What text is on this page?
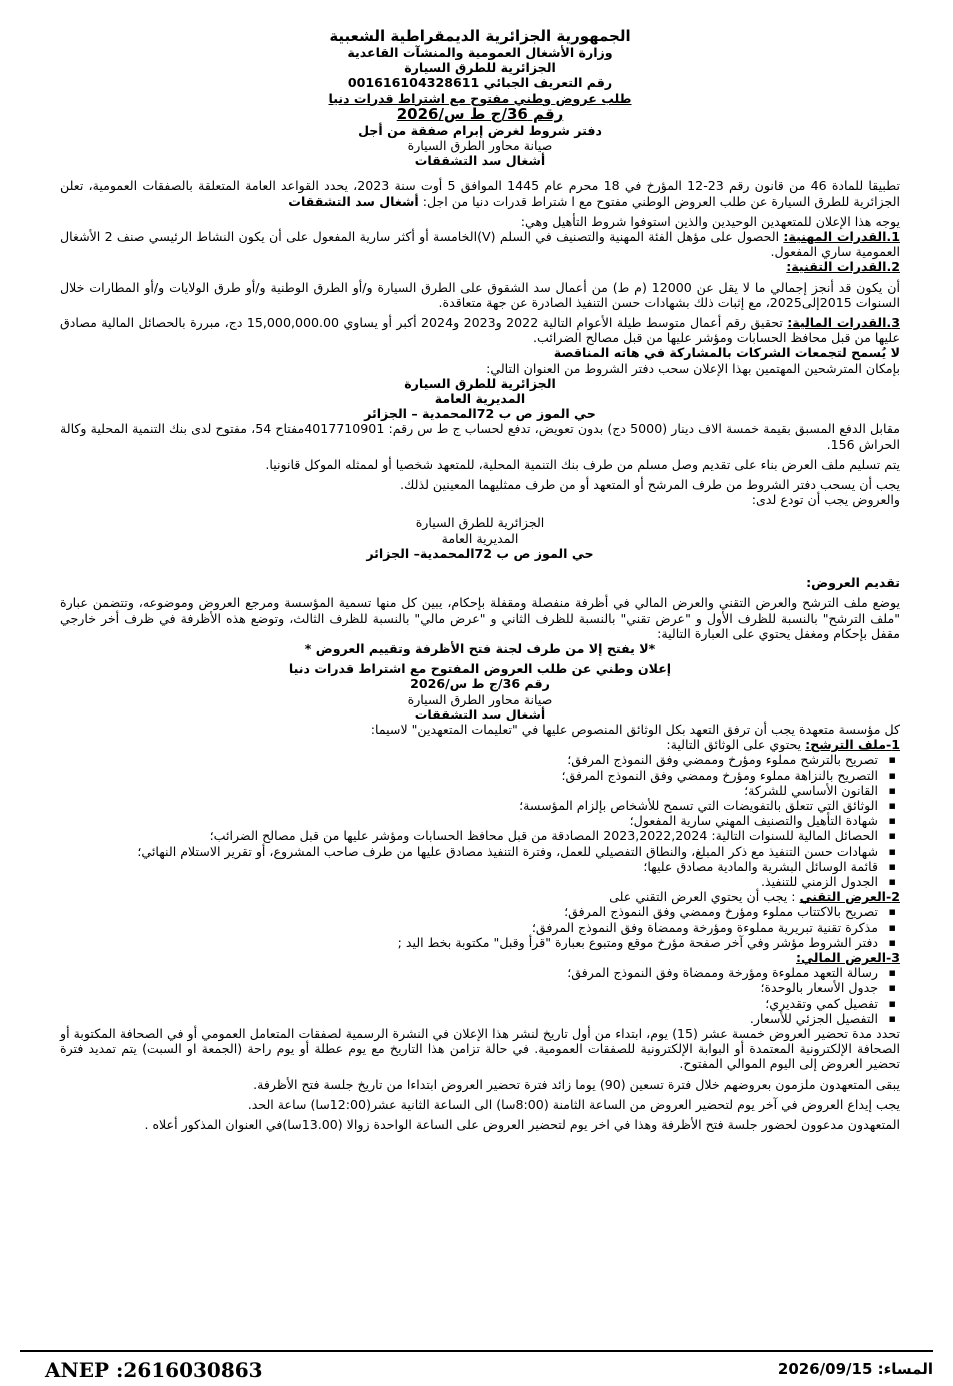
الجمهورية الجزائرية الديمقراطية الشعبية
وزارة الأشغال العمومية والمنشآت القاعدية
الجزائرية للطرق السيارة
رقم التعريف الجبائي 001616104328611
طلب عروض وطني مفتوح مع اشتراط قدرات دنيا
رقم 36/ج ط س/2026
دفتر شروط لغرض إبرام صفقة من أجل
صيانة محاور الطرق السيارة
أشغال سد التشققات

تطبيقا للمادة 46 من قانون رقم 23-12 المؤرخ في 18 محرم عام 1445 الموافق 5 أوت سنة 2023، يحدد القواعد العامة المتعلقة بالصفقات العمومية، تعلن الجزائرية للطرق السيارة عن طلب العروض الوطني مفتوح مع ا شتراط قدرات دنيا من اجل: أشغال سد التشققات

يوجه هذا الإعلان للمتعهدين الوحيدين والذين استوفوا شروط التأهيل وهي:

1.القدرات المهنية: الحصول على مؤهل الفئة المهنية والتصنيف في السلم (V)الخامسة أو أكثر سارية المفعول على أن يكون النشاط الرئيسي صنف 2 الأشغال العمومية ساري المفعول.

2.القدرات التقنية:

أن يكون قد أنجز إجمالي ما لا يقل عن 12000 (م ط) من أعمال سد الشقوق على الطرق السيارة و/أو الطرق الوطنية و/أو طرق الولايات و/أو المطارات خلال السنوات 2015إلى2025، مع إثبات ذلك بشهادات حسن التنفيذ الصادرة عن جهة متعاقدة.

3.القدرات المالية: تحقيق رقم أعمال متوسط طيلة الأعوام التالية 2022 و2023 و2024 أكبر أو يساوي 15,000,000.00 دج، مبررة بالحصائل المالية مصادق عليها من قبل محافظ الحسابات ومؤشر عليها من قبل مصالح الضرائب.

لا يُسمح لتجمعات الشركات بالمشاركة في هاته المناقصة

بإمكان المترشحين المهتمين بهذا الإعلان سحب دفتر الشروط من العنوان التالي:

الجزائرية للطرق السيارة
المديرية العامة
حي الموز ص ب 72المحمدية – الجزائر

مقابل الدفع المسبق بقيمة خمسة الاف دينار (5000 دج) بدون تعويض، تدفع لحساب ج ط س رقم: 4017710901مفتاح 54، مفتوح لدى بنك التنمية المحلية وكالة الحراش 156.

يتم تسليم ملف العرض بناء على تقديم وصل مسلم من طرف بنك التنمية المحلية، للمتعهد شخصيا أو لممثله الموكل قانونيا.

يجب أن يسحب دفتر الشروط من طرف المرشح أو المتعهد أو من طرف ممثليهما المعينين لذلك.

والعروض يجب أن تودع لدى:

الجزائرية للطرق السيارة
المديرية العامة
حي الموز ص ب 72المحمدية– الجزائر

تقديم العروض:

يوضع ملف الترشح والعرض التقني والعرض المالي في أظرفة منفصلة ومقفلة بإحكام، يبين كل منها تسمية المؤسسة ومرجع العروض وموضوعه، وتتضمن عبارة "ملف الترشح" بالنسبة للظرف الأول و "عرض تقني" بالنسبة للظرف الثاني و "عرض مالي" بالنسبة للظرف الثالث، وتوضع هذه الأظرفة في ظرف أخر خارجي مقفل بإحكام ومغفل يحتوي على العبارة التالية:

*لا يفتح إلا من طرف لجنة فتح الأظرفة وتقييم العروض *
إعلان وطني عن طلب العروض المفتوح مع اشتراط قدرات دنيا
رقم 36/ج ط س/2026
صيانة محاور الطرق السيارة
أشغال سد التشققات

كل مؤسسة متعهدة يجب أن ترفق التعهد بكل الوثائق المنصوص عليها في "تعليمات المتعهدين" لاسيما:

1-ملف الترشح: يحتوي على الوثائق التالية:

▪ تصريح بالترشح مملوء ومؤرخ وممضي وفق النموذج المرفق؛
▪ التصريح بالنزاهة مملوء ومؤرخ وممضي وفق النموذج المرفق؛
▪ القانون الأساسي للشركة؛
▪ الوثائق التي تتعلق بالتفويضات التي تسمح للأشخاص بإلزام المؤسسة؛
▪ شهادة التأهيل والتصنيف المهني سارية المفعول؛
▪ الحصائل المالية للسنوات التالية: 2023,2022,2024 المصادقة من قبل محافظ الحسابات ومؤشر عليها من قبل مصالح الضرائب؛
▪ شهادات حسن التنفيذ مع ذكر المبلغ، والنطاق التفصيلي للعمل، وفترة التنفيذ مصادق عليها من طرف صاحب المشروع، أو تقرير الاستلام النهائي؛
▪ قائمة الوسائل البشرية والمادية مصادق عليها؛
▪ الجدول الزمني للتنفيذ.

2-العرض التقني : يجب أن يحتوي العرض التقني على

▪ تصريح بالاكتتاب مملوء ومؤرخ وممضي وفق النموذج المرفق؛
▪ مذكرة تقنية تبريرية مملوءة ومؤرخة وممضاة وفق النموذج المرفق؛
▪ دفتر الشروط مؤشر وفي آخر صفحة مؤرخ موقع ومتبوع بعبارة "قرأ وقبل" مكتوبة بخط اليد ;

3-العرض المالي:

▪ رسالة التعهد مملوءة ومؤرخة وممضاة وفق النموذج المرفق؛
▪ جدول الأسعار بالوحدة؛
▪ تفصيل كمي وتقديري؛
▪ التفصيل الجزئي للأسعار.

تحدد مدة تحضير العروض خمسة عشر (15) يوم، ابتداء من أول تاريخ لنشر هذا الإعلان في النشرة الرسمية لصفقات المتعامل العمومي أو في الصحافة المكتوبة أو الصحافة الإلكترونية المعتمدة أو البوابة الإلكترونية للصفقات العمومية. في حالة تزامن هذا التاريخ مع يوم عطلة أو يوم راحة (الجمعة او السبت) يتم تمديد فترة تحضير العروض إلى اليوم الموالي المفتوح.

يبقى المتعهدون ملزمون بعروضهم خلال فترة تسعين (90) يوما زائد فترة تحضير العروض ابتداءا من تاريخ جلسة فتح الأظرفة.

يجب إيداع العروض في آخر يوم لتحضير العروض من الساعة الثامنة (8:00سا) الى الساعة الثانية عشر(12:00سا) ساعة الحد.

المتعهدون مدعوون لحضور جلسة فتح الأظرفة وهذا في اخر يوم لتحضير العروض على الساعة الواحدة زوالا (13.00سا)في العنوان المذكور أعلاه .

ANEP :2616030863	المساء: 2026/09/15
